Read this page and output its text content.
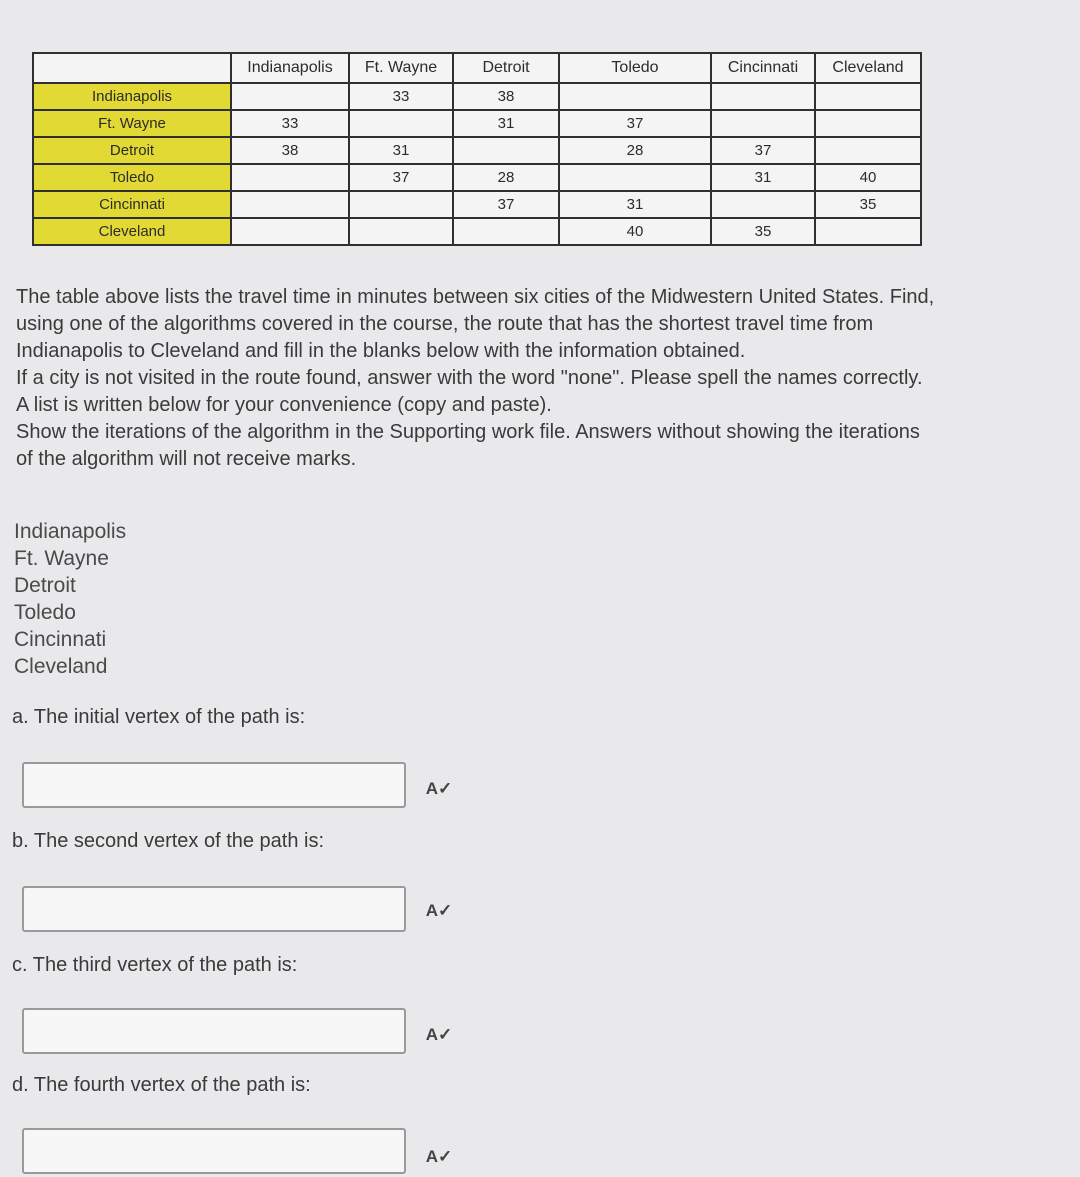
	Indianapolis	Ft. Wayne	Detroit	Toledo	Cincinnati	Cleveland
Indianapolis		33	38			
Ft. Wayne	33		31	37		
Detroit	38	31		28	37	
Toledo		37	28		31	40
Cincinnati			37	31		35
Cleveland				40	35	

The table above lists the travel time in minutes between six cities of the Midwestern United States. Find, using one of the algorithms covered in the course, the route that has the shortest travel time from Indianapolis to Cleveland and fill in the blanks below with the information obtained.

If a city is not visited in the route found, answer with the word "none". Please spell the names correctly. A list is written below for your convenience (copy and paste).

Show the iterations of the algorithm in the Supporting work file. Answers without showing the iterations of the algorithm will not receive marks.

Indianapolis
Ft. Wayne
Detroit
Toledo
Cincinnati
Cleveland
a. The initial vertex of the path is:
A✓
b. The second vertex of the path is:
A✓
c. The third vertex of the path is:
A✓
d. The fourth vertex of the path is:
A✓
